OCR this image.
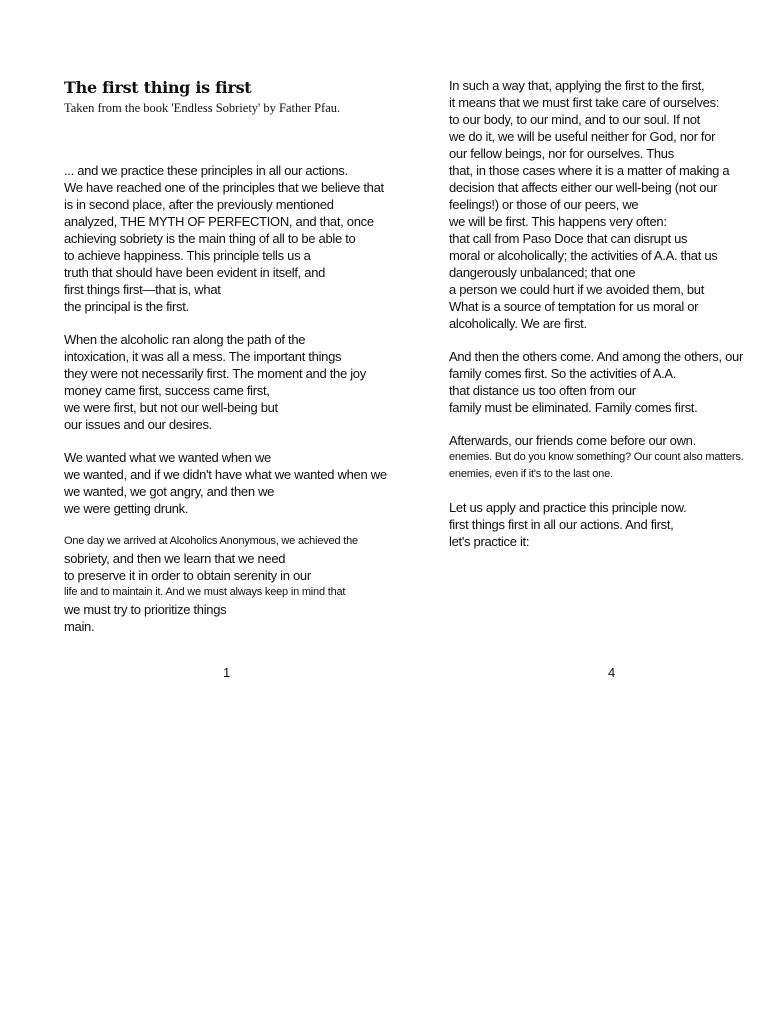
The first thing is first

Taken from the book 'Endless Sobriety' by Father Pfau.

... and we practice these principles in all our actions.
We have reached one of the principles that we believe that
is in second place, after the previously mentioned
analyzed, THE MYTH OF PERFECTION, and that, once
achieving sobriety is the main thing of all to be able to
to achieve happiness. This principle tells us a
truth that should have been evident in itself, and
first things first—that is, what
the principal is the first.
When the alcoholic ran along the path of the
intoxication, it was all a mess. The important things
they were not necessarily first. The moment and the joy
money came first, success came first,
we were first, but not our well-being but
our issues and our desires.
We wanted what we wanted when we
we wanted, and if we didn't have what we wanted when we
we wanted, we got angry, and then we
we were getting drunk.
One day we arrived at Alcoholics Anonymous, we achieved the
sobriety, and then we learn that we need
to preserve it in order to obtain serenity in our
life and to maintain it. And we must always keep in mind that
we must try to prioritize things
main.
In such a way that, applying the first to the first,
it means that we must first take care of ourselves:
to our body, to our mind, and to our soul. If not
we do it, we will be useful neither for God, nor for
our fellow beings, nor for ourselves. Thus
that, in those cases where it is a matter of making a
decision that affects either our well-being (not our
feelings!) or those of our peers, we
we will be first. This happens very often:
that call from Paso Doce that can disrupt us
moral or alcoholically; the activities of A.A. that us
dangerously unbalanced; that one
a person we could hurt if we avoided them, but
What is a source of temptation for us moral or
alcoholically. We are first.
And then the others come. And among the others, our
family comes first. So the activities of A.A.
that distance us too often from our
family must be eliminated. Family comes first.
Afterwards, our friends come before our own.
enemies. But do you know something? Our count also matters.
enemies, even if it's to the last one.
Let us apply and practice this principle now.
first things first in all our actions. And first,
let's practice it:
1	4
